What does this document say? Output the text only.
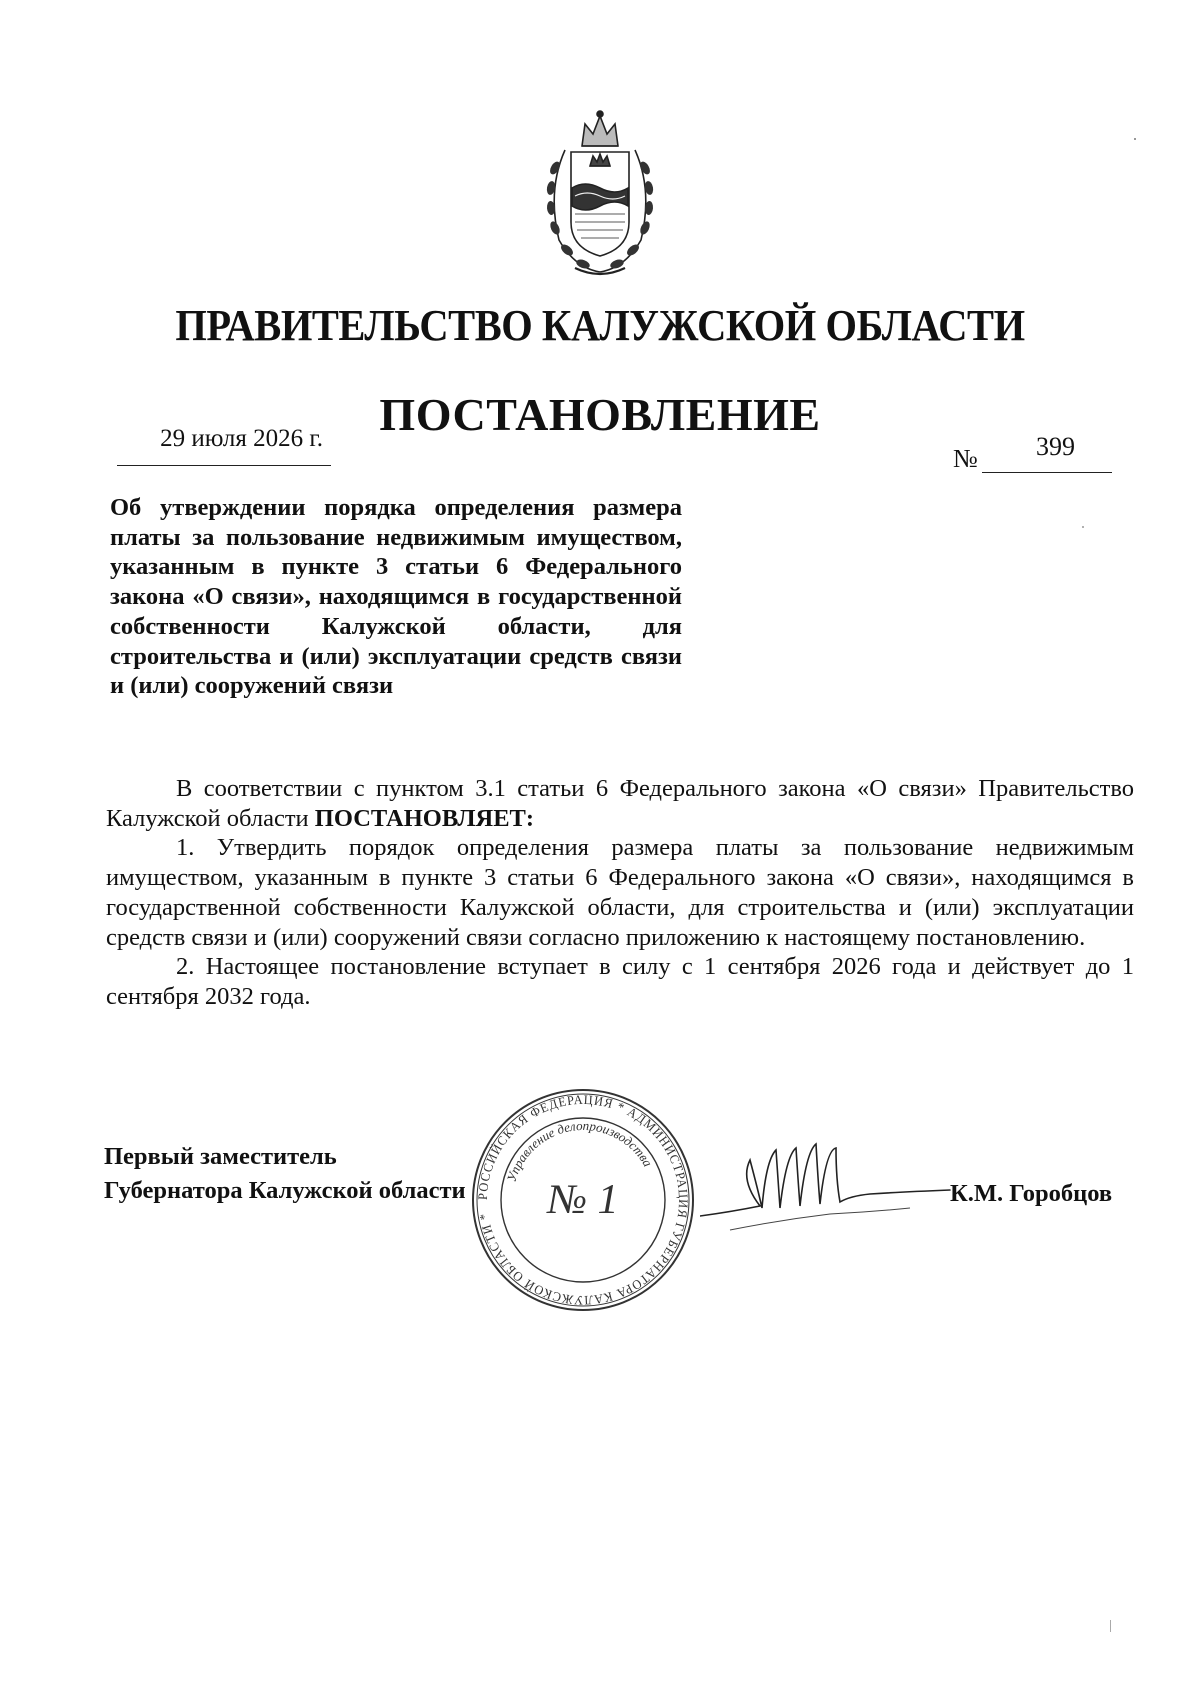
ПРАВИТЕЛЬСТВО КАЛУЖСКОЙ ОБЛАСТИ
ПОСТАНОВЛЕНИЕ
29 июля 2026 г.
№ 399
Об утверждении порядка определения размера платы за пользование недвижимым имуществом, указанным в пункте 3 статьи 6 Федерального закона «О связи», находящимся в государственной собственности Калужской области, для строительства и (или) эксплуатации средств связи и (или) сооружений связи

В соответствии с пунктом 3.1 статьи 6 Федерального закона «О связи» Правительство Калужской области ПОСТАНОВЛЯЕТ:

1. Утвердить порядок определения размера платы за пользование недвижимым имуществом, указанным в пункте 3 статьи 6 Федерального закона «О связи», находящимся в государственной собственности Калужской области, для строительства и (или) эксплуатации средств связи и (или) сооружений связи согласно приложению к настоящему постановлению.

2. Настоящее постановление вступает в силу с 1 сентября 2026 года и действует до 1 сентября 2032 года.

Первый заместитель
Губернатора Калужской области РОССИЙСКАЯ ФЕДЕРАЦИЯ * АДМИНИСТРАЦИЯ ГУБЕРНАТОРА КАЛУЖСКОЙ ОБЛАСТИ *
Управление делопроизводства
№ 1	К.М. Горобцов
